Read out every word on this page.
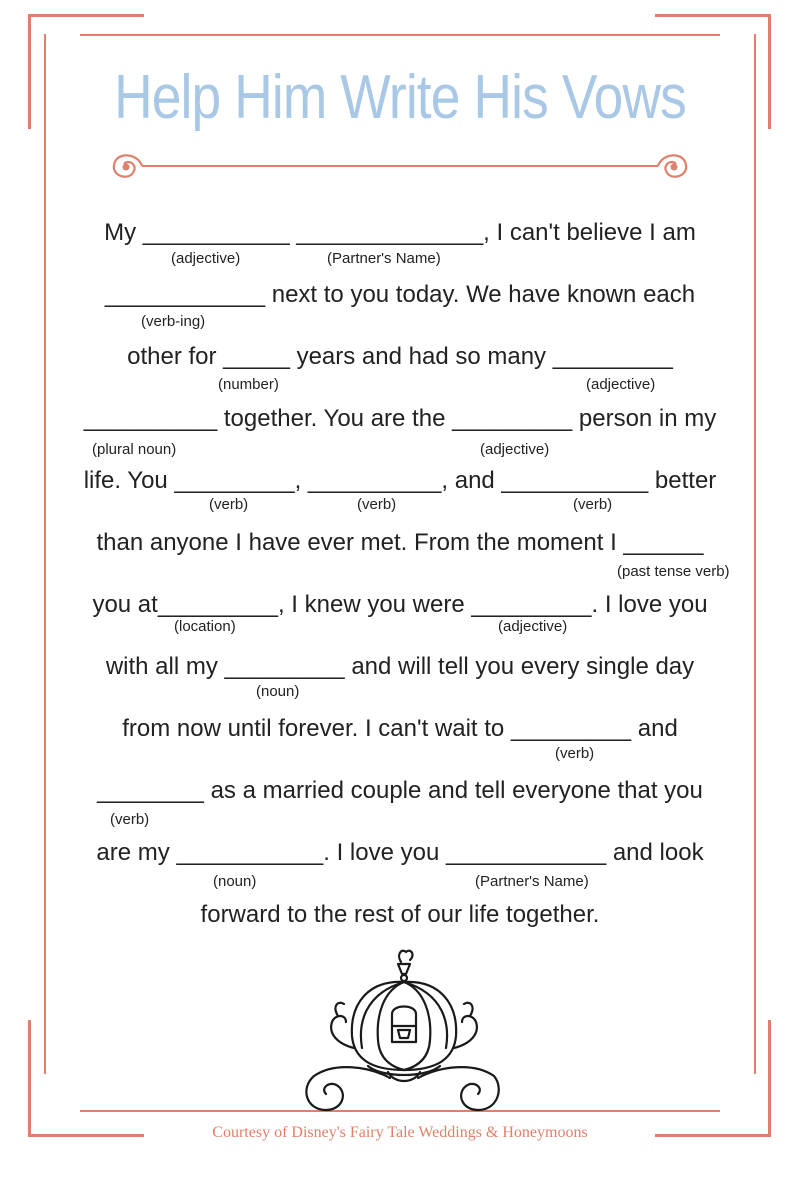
Help Him Write His Vows
My ___________ ______________, I can't believe I am
(adjective)	(Partner's Name)
____________ next to you today. We have known each
(verb-ing)
other for _____ years and had so many _________
(number)	(adjective)
__________ together. You are the _________ person in my
(plural noun)	(adjective)
life. You _________, __________, and ___________ better
(verb)	(verb)	(verb)
than anyone I have ever met. From the moment I ______
(past tense verb)
you at_________, I knew you were _________. I love you
(location)	(adjective)
with all my _________ and will tell you every single day
(noun)
from now until forever. I can't wait to _________ and
(verb)
________ as a married couple and tell everyone that you
(verb)
are my ___________. I love you ____________ and look
(noun)	(Partner's Name)
forward to the rest of our life together.
Courtesy of Disney's Fairy Tale Weddings & Honeymoons
